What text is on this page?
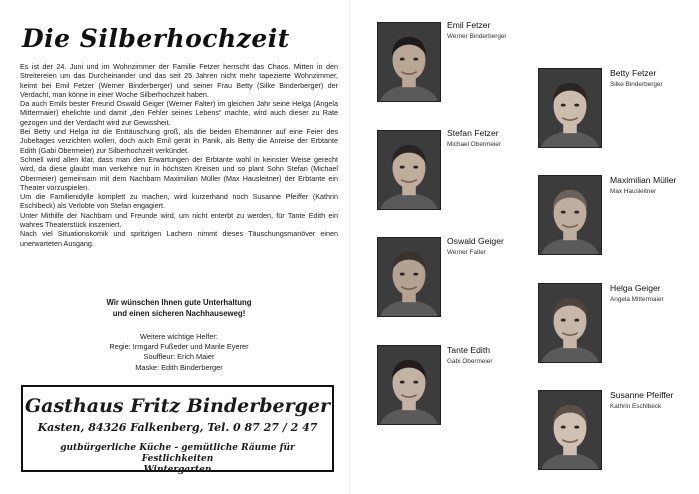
Die Silberhochzeit

Es ist der 24. Juni und im Wohnzimmer der Familie Fetzer herrscht das Chaos. Mitten in den Streitereien um das Durcheinander und das seit 25 Jahren nicht mehr tapezierte Wohnzimmer, keimt bei Emil Fetzer (Werner Binderberger) und seiner Frau Betty (Silke Binderberger) der Verdacht, man könne in einer Woche Silberhochzeit haben.

Da auch Emils bester Freund Oswald Geiger (Werner Falter) im gleichen Jahr seine Helga (Angela Mittermaier) ehelichte und damit „den Fehler seines Lebens“ machte, wird auch dieser zu Rate gezogen und der Verdacht wird zur Gewissheit.

Bei Betty und Helga ist die Enttäuschung groß, als die beiden Ehemänner auf eine Feier des Jubeltages verzichten wollen, doch auch Emil gerät in Panik, als Betty die Anreise der Erbtante Edith (Gabi Obermeier) zur Silberhochzeit verkündet.

Schnell wird allen klar, dass man den Erwartungen der Erbtante wohl in keinster Weise gerecht wird, da diese glaubt man verkehre nur in höchsten Kreisen und so plant Sohn Stefan (Michael Obermeier) gemeinsam mit dem Nachbarn Maximilian Müller (Max Hausleitner) der Erbtante ein Theater vorzuspielen.

Um die Familienidylle komplett zu machen, wird kurzerhand noch Susanne Pfeiffer (Kathrin Eschlbeck) als Verlobte von Stefan engagiert.

Unter Mithilfe der Nachbarn und Freunde wird, um nicht enterbt zu werden, für Tante Edith ein wahres Theaterstück inszeniert.

Nach viel Situationskomik und spritzigen Lachern nimmt dieses Täuschungsmanöver einen unerwarteten Ausgang.

Wir wünschen Ihnen gute Unterhaltung
und einen sicheren Nachhauseweg!
Weitere wichtige Helfer:
Regie: Irmgard Fußeder und Marile Eyerer
Souffleur: Erich Maier
Maske: Edith Binderberger
Gasthaus Fritz Binderberger
Kasten, 84326 Falkenberg, Tel. 0 87 27 / 2 47
gutbürgerliche Küche - gemütliche Räume für Festlichkeiten
Wintergarten
Emil Fetzer
Werner Binderberger
Stefan Fetzer
Michael Obermeier
Oswald Geiger
Werner Falter
Tante Edith
Gabi Obermeier
Betty Fetzer
Silke Binderberger
Maximilian Müller
Max Hausleitner
Helga Geiger
Angela Mittermaier
Susanne Pfeiffer
Kathrin Eschlbeck
